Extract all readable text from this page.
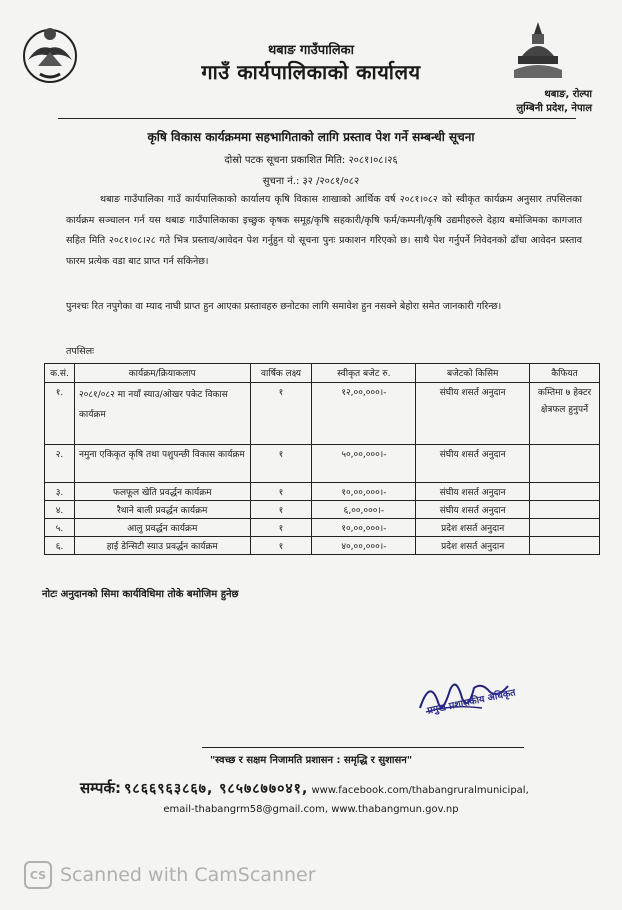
थबाङ गाउँपालिका
गाउँ कार्यपालिकाको कार्यालय
थबाङ, रोल्पा
लुम्बिनी प्रदेश, नेपाल
कृषि विकास कार्यक्रममा सहभागिताको लागि प्रस्ताव पेश गर्ने सम्बन्धी सूचना
दोस्रो पटक सूचना प्रकाशित मिति: २०८१।०८।२६
सुचना नं.: ३२ /२०८१/०८२
थबाङ गाउँपालिका गाउँ कार्यपालिकाको कार्यालय कृषि विकास शाखाको आर्थिक वर्ष २०८१।०८२ को स्वीकृत कार्यक्रम अनुसार तपसिलका कार्यक्रम सञ्चालन गर्न यस थबाङ गाउँपालिकाका इच्छुक कृषक समूह/कृषि सहकारी/कृषि फर्म/कम्पनी/कृषि उद्यमीहरुले देहाय बमोजिमका कागजात सहित मिति २०८१।०८।२८ गते भित्र प्रस्ताव/आवेदन पेश गर्नुहुन यो सूचना पुनः प्रकाशन गरिएको छ। साथै पेश गर्नुपर्ने निवेदनको ढाँचा आवेदन प्रस्ताव फारम प्रत्येक वडा बाट प्राप्त गर्न सकिनेछ।
पुनश्चः रित नपुगेका वा म्याद नाघी प्राप्त हुन आएका प्रस्तावहरु छनोटका लागि समावेश हुन नसक्ने बेहोरा समेत जानकारी गरिन्छ।
तपसिलः
क.सं.	कार्यक्रम/क्रियाकलाप	वार्षिक लक्ष्य	स्वीकृत बजेट रु.	बजेटको किसिम	कैफियत
१.	२०८१/०८२ मा नयाँ स्याउ/ओखर पकेट विकास कार्यक्रम	१	१२,००,०००।-	संघीय शसर्त अनुदान	कम्तिमा ७ हेक्टर क्षेत्रफल हुनुपर्ने
२.	नमुना एकिकृत कृषि तथा पशुपन्छी विकास कार्यक्रम	१	५०,००,०००।-	संघीय शसर्त अनुदान	
३.	फलफूल खेति प्रवर्द्धन कार्यक्रम	१	१०,००,०००।-	संघीय शसर्त अनुदान	
४.	रैथाने बाली प्रवर्द्धन कार्यक्रम	१	६,००,०००।-	संघीय शसर्त अनुदान	
५.	आलु प्रवर्द्धन कार्यक्रम	१	१०,००,०००।-	प्रदेश शसर्त अनुदान	
६.	हाई डेन्सिटी स्याउ प्रवर्द्धन कार्यक्रम	१	४०,००,०००।-	प्रदेश शसर्त अनुदान	
नोटः अनुदानको सिमा कार्यविधिमा तोके बमोजिम हुनेछ
प्रमुख प्रशासकीय अधिकृत
"स्वच्छ र सक्षम निजामति प्रशासन : समृद्धि र सुशासन"
सम्पर्क: ९८६६९६३८६७, ९८५७८७७०४१, www.facebook.com/thabangruralmunicipal,
email-thabangrm58@gmail.com, www.thabangmun.gov.np
CS Scanned with CamScanner
